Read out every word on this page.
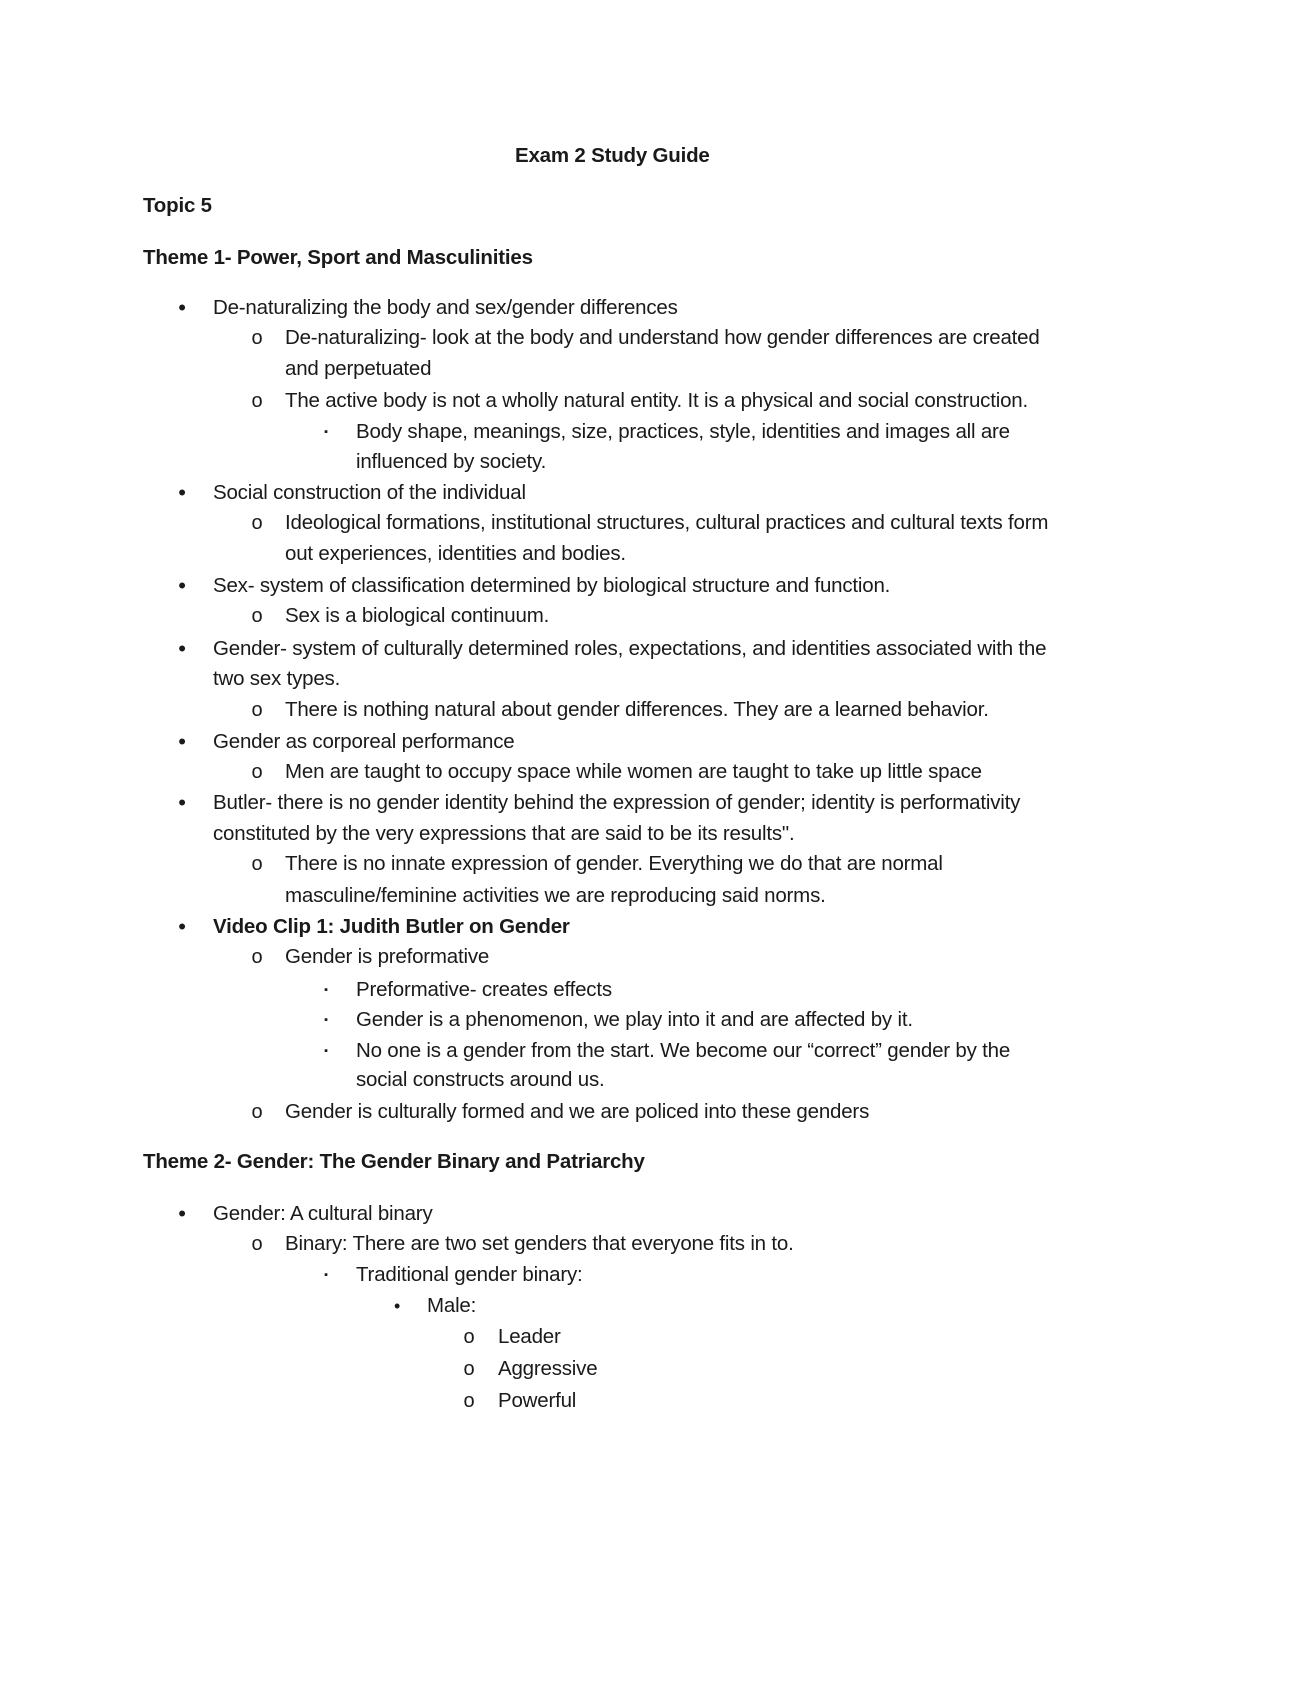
Exam 2 Study Guide
Topic 5
Theme 1- Power, Sport and Masculinities
•	De-naturalizing the body and sex/gender differences
o De-naturalizing- look at the body and understand how gender differences are created
and perpetuated
o The active body is not a wholly natural entity. It is a physical and social construction.
▪	Body shape, meanings, size, practices, style, identities and images all are
influenced by society.
•	Social construction of the individual
o Ideological formations, institutional structures, cultural practices and cultural texts form
out experiences, identities and bodies.
•	Sex- system of classification determined by biological structure and function.
o Sex is a biological continuum.
•	Gender- system of culturally determined roles, expectations, and identities associated with the
two sex types.
o There is nothing natural about gender differences. They are a learned behavior.
•	Gender as corporeal performance
o Men are taught to occupy space while women are taught to take up little space
•	Butler- there is no gender identity behind the expression of gender; identity is performativity
constituted by the very expressions that are said to be its results".
o There is no innate expression of gender. Everything we do that are normal
masculine/feminine activities we are reproducing said norms.
•	Video Clip 1: Judith Butler on Gender
o Gender is preformative
▪	Preformative- creates effects
▪	Gender is a phenomenon, we play into it and are affected by it.
▪	No one is a gender from the start. We become our “correct” gender by the
social constructs around us.
o Gender is culturally formed and we are policed into these genders
Theme 2- Gender: The Gender Binary and Patriarchy
•	Gender: A cultural binary
o Binary: There are two set genders that everyone fits in to.
▪	Traditional gender binary:
•	Male:
o Leader
o Aggressive
o Powerful
